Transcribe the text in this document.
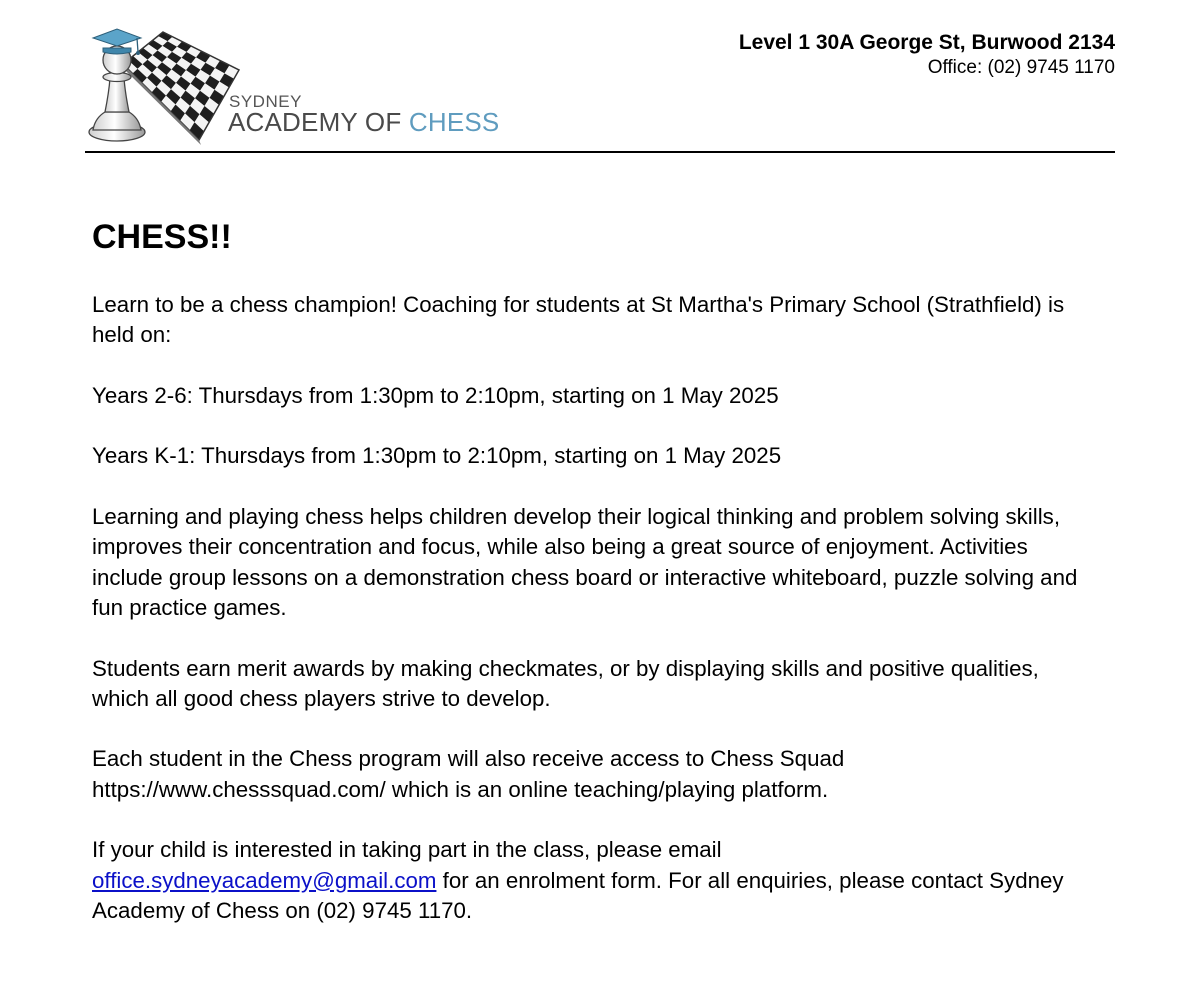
SYDNEY
ACADEMY OF CHESS
Level 1 30A George St, Burwood 2134
Office: (02) 9745 1170
CHESS!!

Learn to be a chess champion! Coaching for students at St Martha's Primary School (Strathfield) is held on:

Years 2-6: Thursdays from 1:30pm to 2:10pm, starting on 1 May 2025

Years K-1: Thursdays from 1:30pm to 2:10pm, starting on 1 May 2025

Learning and playing chess helps children develop their logical thinking and problem solving skills, improves their concentration and focus, while also being a great source of enjoyment. Activities include group lessons on a demonstration chess board or interactive whiteboard, puzzle solving and fun practice games.

Students earn merit awards by making checkmates, or by displaying skills and positive qualities, which all good chess players strive to develop.

Each student in the Chess program will also receive access to Chess Squad
https://www.chesssquad.com/ which is an online teaching/playing platform.

If your child is interested in taking part in the class, please email
office.sydneyacademy@gmail.com for an enrolment form. For all enquiries, please contact Sydney Academy of Chess on (02) 9745 1170.
